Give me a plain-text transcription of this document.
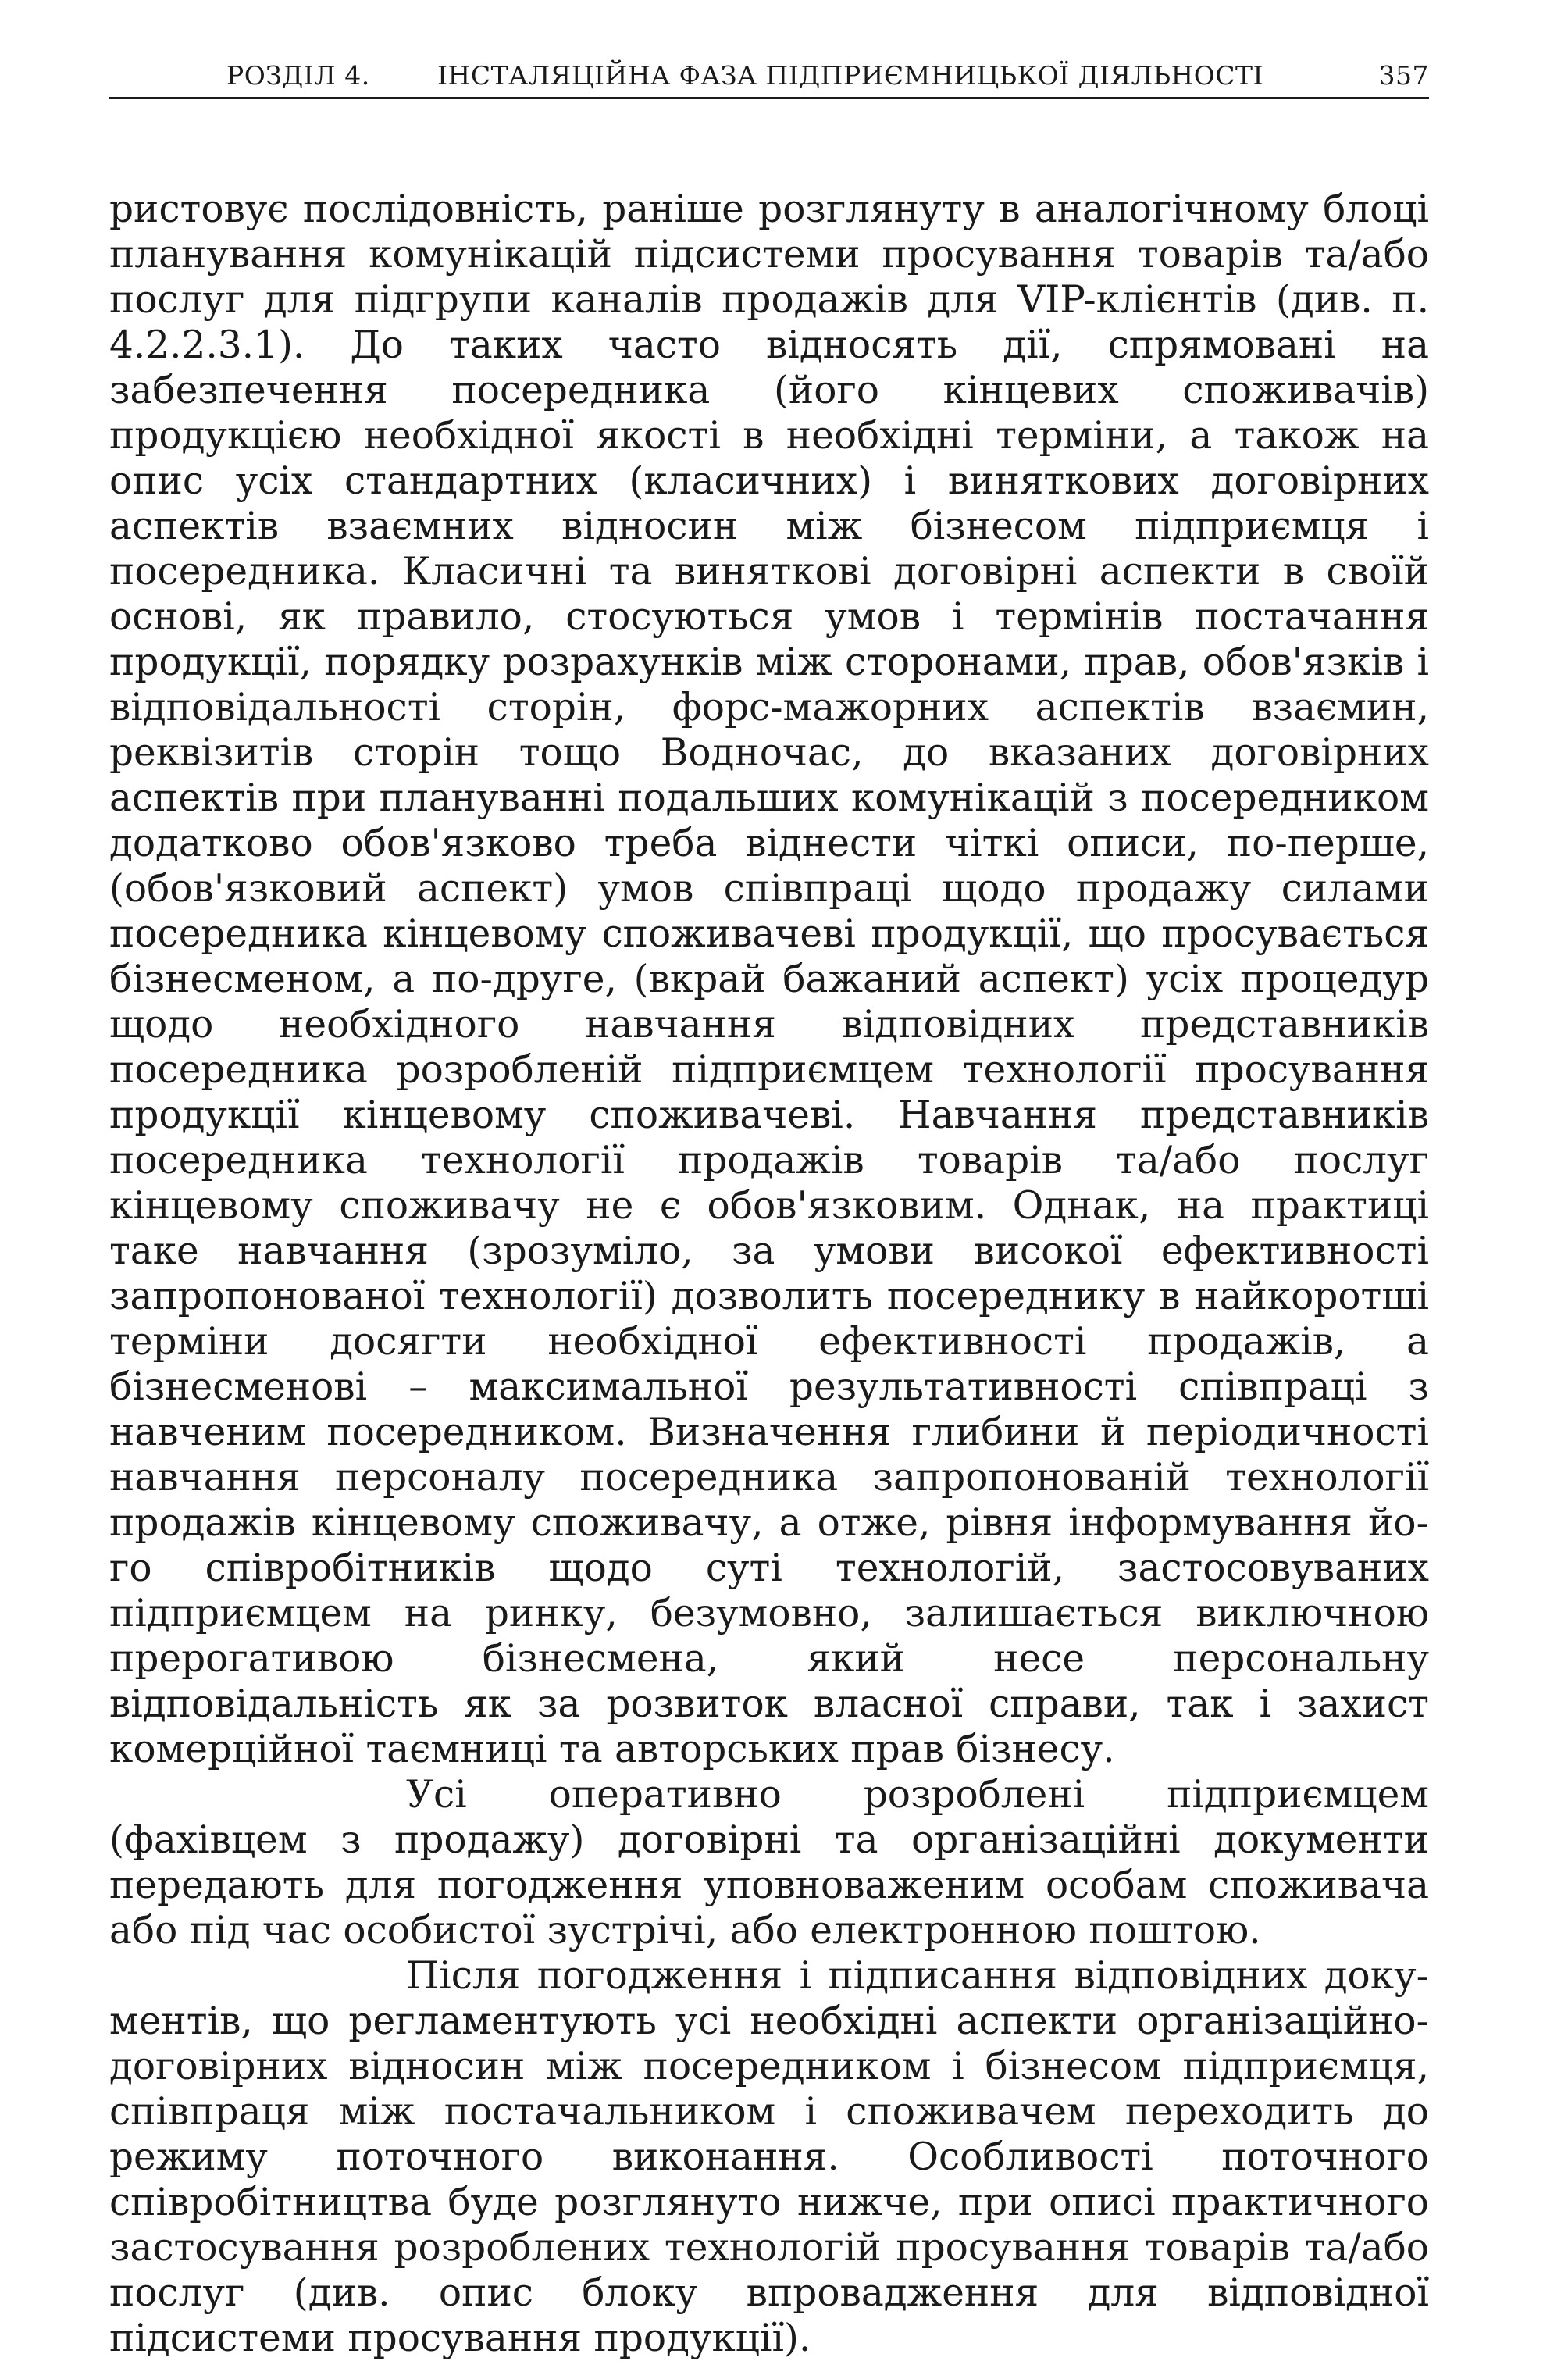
РОЗДІЛ 4.	ІНСТАЛЯЦІЙНА ФАЗА ПІДПРИЄМНИЦЬКОЇ ДІЯЛЬНОСТІ	357

ристовує послідовність, раніше розглянуту в аналогічному блоці планування комунікацій підсистеми просування товарів та/або послуг для підгрупи каналів продажів для VIP-клієнтів (див. п. 4.2.2.3.1). До таких часто відносять дії, спрямовані на забезпечення посередника (його кінцевих споживачів) продукцією необхідної якості в необхідні терміни, а також на опис усіх стандартних (класичних) і виняткових договірних аспектів взаємних відносин між бізнесом підприємця і посередника. Класичні та виняткові договірні аспекти в своїй основі, як правило, стосуються умов і термінів постачання продукції, порядку розрахунків між сторонами, прав, обов'язків і відповідальності сторін, форс-мажорних аспектів взаємин, реквізитів сторін тощо Водночас, до вказаних договірних аспектів при плануванні подальших комунікацій з посередником додатково обов'язково треба віднести чіткі описи, по-перше, (обов'язковий аспект) умов співпраці щодо продажу силами посередника кінцевому споживачеві продукції, що просувається бізнесменом, а по-друге, (вкрай бажаний аспект) усіх процедур щодо необхідного навчання відповідних представників посередника розробленій підприємцем технології просування продукції кінцевому споживачеві. Навчання представників посередника технології продажів товарів та/або послуг кінцевому споживачу не є обов'язковим. Однак, на практиці таке навчання (зрозуміло, за умови високої ефективності запропонованої технології) дозволить посереднику в найкоротші терміни досягти необхідної ефективності продажів, а бізнесменові – максимальної результативності співпраці з навченим посередником. Визначення глибини й періодичності навчання персоналу посередника запропонованій технології продажів кінцевому споживачу, а отже, рівня інформування його співробітників щодо суті технологій, застосовуваних підприємцем на ринку, безумовно, залишається виключною прерогативою бізнесмена, який несе персональну відповідальність як за розвиток власної справи, так і захист комерційної таємниці та авторських прав бізнесу.

Усі оперативно розроблені підприємцем (фахівцем з продажу) договірні та організаційні документи передають для погодження уповноваженим особам споживача або під час особистої зустрічі, або електронною поштою.

Після погодження і підписання відповідних документів, що регламентують усі необхідні аспекти організаційно-договірних відносин між посередником і бізнесом підприємця, співпраця між постачальником і споживачем переходить до режиму поточного виконання. Особливості поточного співробітництва буде розглянуто нижче, при описі практичного застосування розроблених технологій просування товарів та/або послуг (див. опис блоку впровадження для відповідної підсистеми просування продукції).
